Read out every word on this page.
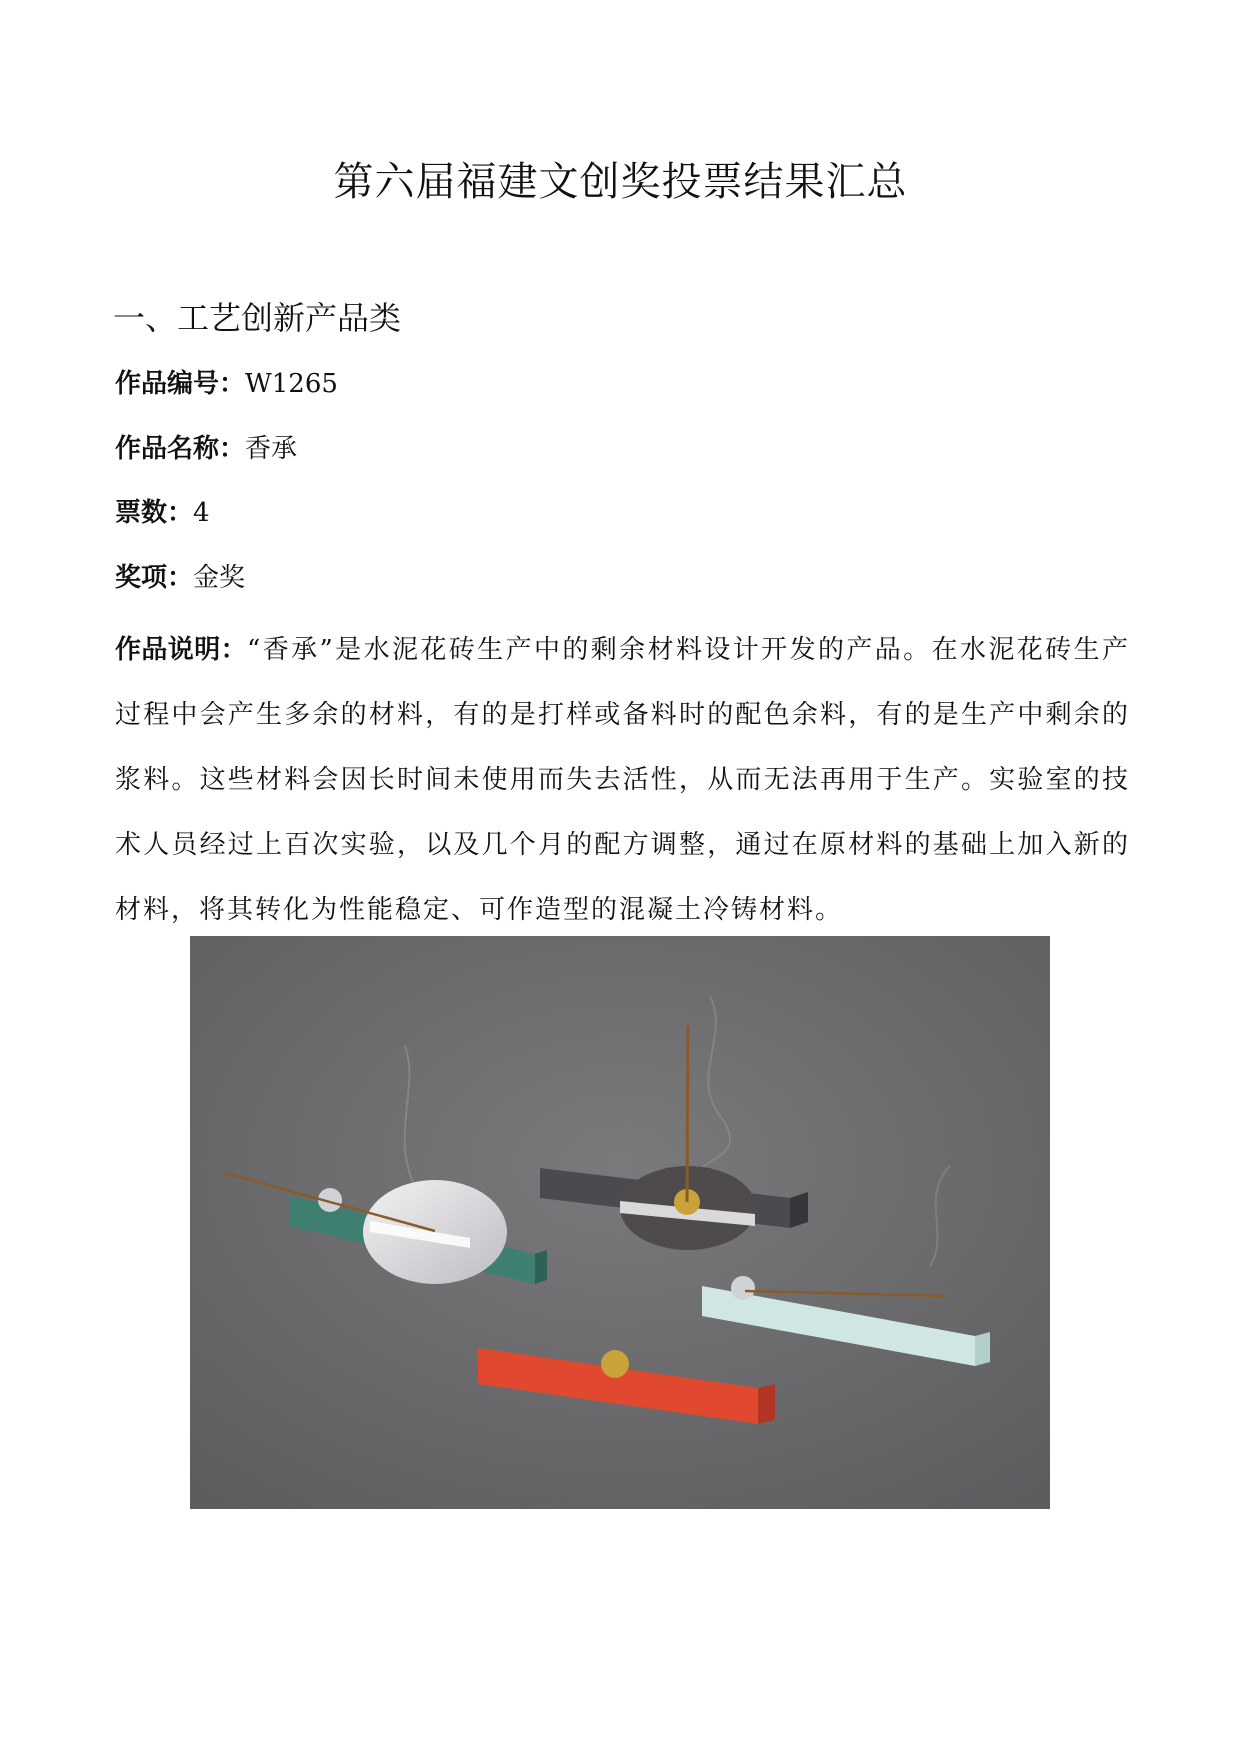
第六届福建文创奖投票结果汇总
一、工艺创新产品类
作品编号：W1265
作品名称：香承
票数：4
奖项：金奖
作品说明：“香承”是水泥花砖生产中的剩余材料设计开发的产品。在水泥花砖生产过程中会产生多余的材料，有的是打样或备料时的配色余料，有的是生产中剩余的浆料。这些材料会因长时间未使用而失去活性，从而无法再用于生产。实验室的技术人员经过上百次实验，以及几个月的配方调整，通过在原材料的基础上加入新的材料，将其转化为性能稳定、可作造型的混凝土冷铸材料。
